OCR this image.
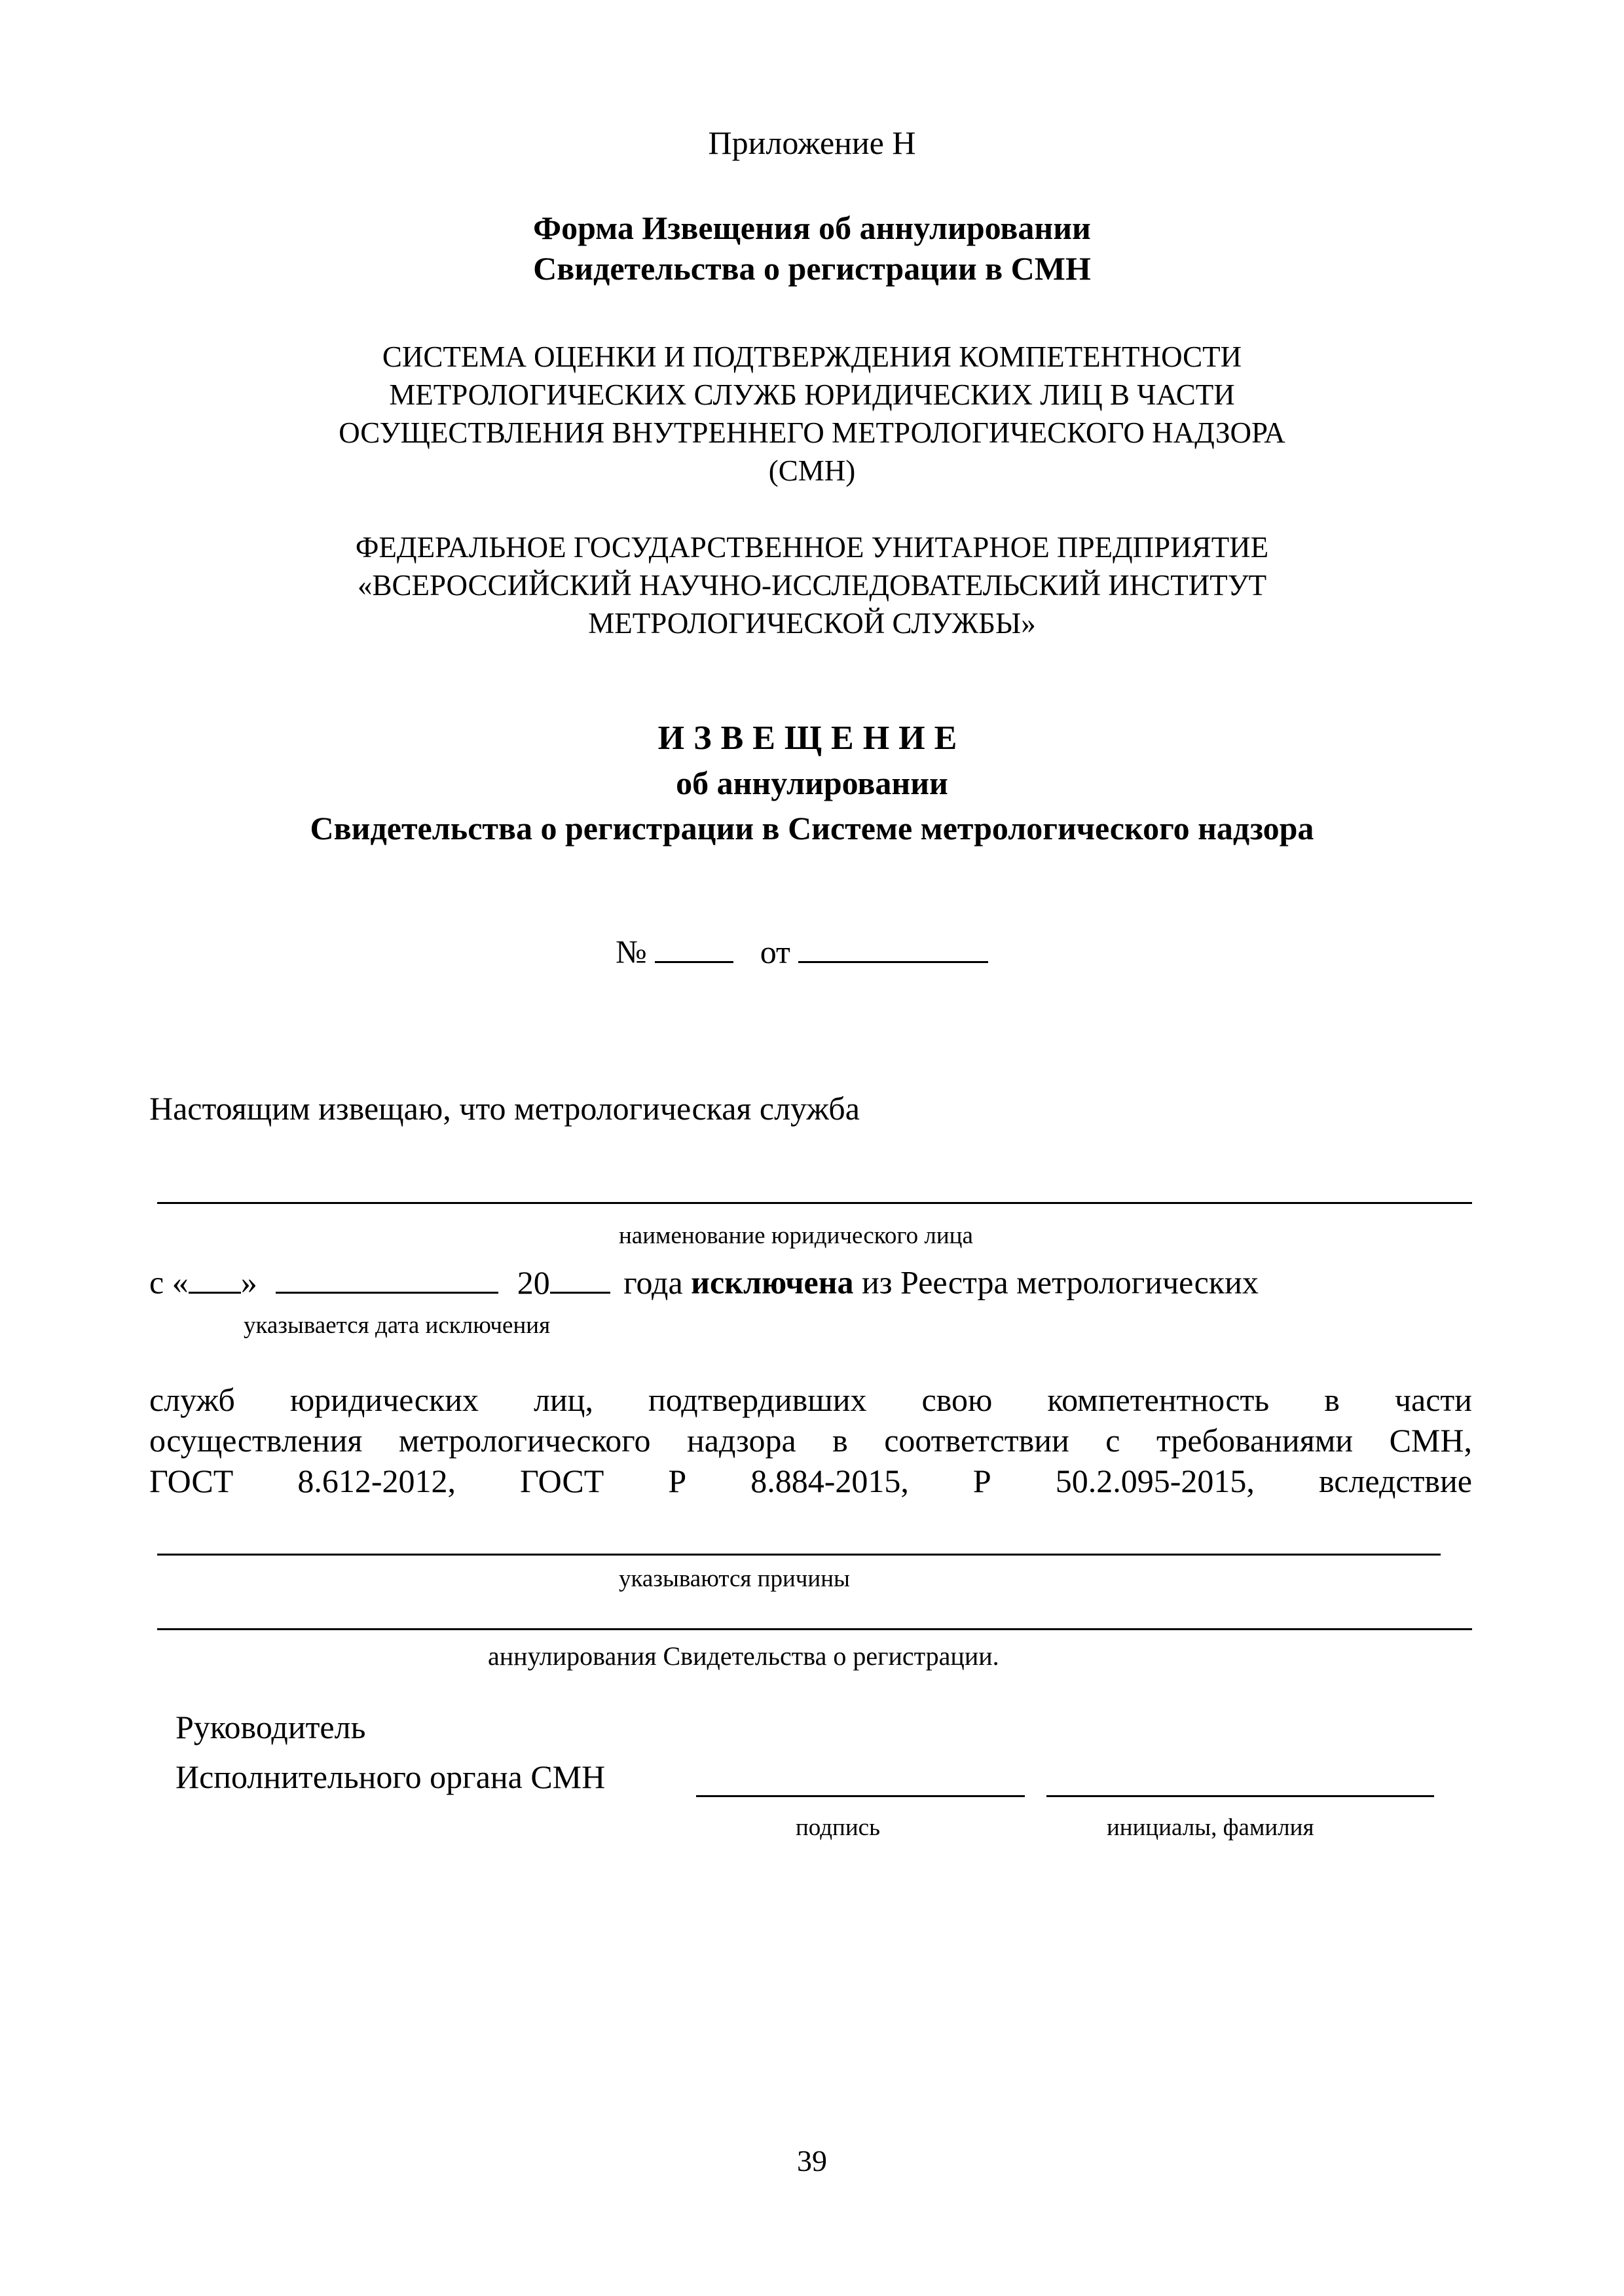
Приложение Н
Форма Извещения об аннулировании
Свидетельства о регистрации в СМН
СИСТЕМА ОЦЕНКИ И ПОДТВЕРЖДЕНИЯ КОМПЕТЕНТНОСТИ
МЕТРОЛОГИЧЕСКИХ СЛУЖБ ЮРИДИЧЕСКИХ ЛИЦ В ЧАСТИ
ОСУЩЕСТВЛЕНИЯ ВНУТРЕННЕГО МЕТРОЛОГИЧЕСКОГО НАДЗОРА
(СМН)
ФЕДЕРАЛЬНОЕ ГОСУДАРСТВЕННОЕ УНИТАРНОЕ ПРЕДПРИЯТИЕ
«ВСЕРОССИЙСКИЙ НАУЧНО-ИССЛЕДОВАТЕЛЬСКИЙ ИНСТИТУТ
МЕТРОЛОГИЧЕСКОЙ СЛУЖБЫ»
ИЗВЕЩЕНИЕ
об аннулировании
Свидетельства о регистрации в Системе метрологического надзора
№	от
Настоящим извещаю, что метрологическая служба
наименование юридического лица
с « »	20 года исключена из Реестра метрологических
указывается дата исключения
служб юридических лиц, подтвердивших свою компетентность в части
осуществления метрологического надзора в соответствии с требованиями СМН,
ГОСТ 8.612-2012, ГОСТ Р 8.884-2015, Р 50.2.095-2015, вследствие
указываются причины
аннулирования Свидетельства о регистрации.
Руководитель
Исполнительного органа СМН
подпись	инициалы, фамилия
39
